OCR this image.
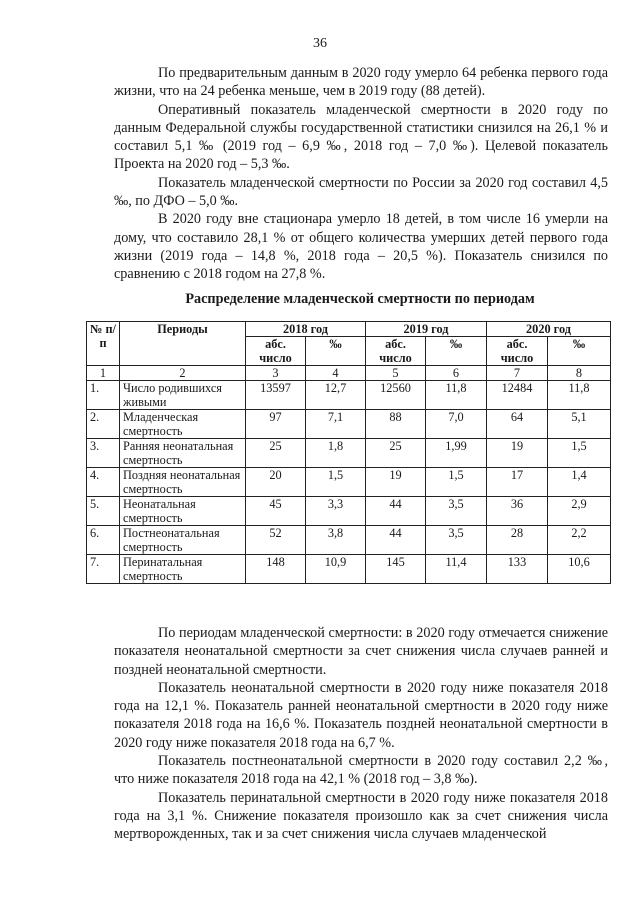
36

По предварительным данным в 2020 году умерло 64 ребенка первого года жизни, что на 24 ребенка меньше, чем в 2019 году (88 детей).

Оперативный показатель младенческой смертности в 2020 году по данным Федеральной службы государственной статистики снизился на 26,1 % и составил 5,1 ‰ (2019 год – 6,9 ‰, 2018 год – 7,0 ‰). Целевой показатель Проекта на 2020 год – 5,3 ‰.

Показатель младенческой смертности по России за 2020 год составил 4,5 ‰, по ДФО – 5,0 ‰.

В 2020 году вне стационара умерло 18 детей, в том числе 16 умерли на дому, что составило 28,1 % от общего количества умерших детей первого года жизни (2019 года – 14,8 %, 2018 года – 20,5 %). Показатель снизился по сравнению с 2018 годом на 27,8 %.

Распределение младенческой смертности по периодам
№ п/п	Периоды	2018 год		2019 год		2020 год	
		абс. число	‰	абс. число	‰	абс. число	‰
1	2	3	4	5	6	7	8
1.	Число родившихся живыми	13597	12,7	12560	11,8	12484	11,8
2.	Младенческая смертность	97	7,1	88	7,0	64	5,1
3.	Ранняя неонатальная смертность	25	1,8	25	1,99	19	1,5
4.	Поздняя неонатальная смертность	20	1,5	19	1,5	17	1,4
5.	Неонатальная смертность	45	3,3	44	3,5	36	2,9
6.	Постнеонатальная смертность	52	3,8	44	3,5	28	2,2
7.	Перинатальная смертность	148	10,9	145	11,4	133	10,6

По периодам младенческой смертности: в 2020 году отмечается снижение показателя неонатальной смертности за счет снижения числа случаев ранней и поздней неонатальной смертности.

Показатель неонатальной смертности в 2020 году ниже показателя 2018 года на 12,1 %. Показатель ранней неонатальной смертности в 2020 году ниже показателя 2018 года на 16,6 %. Показатель поздней неонатальной смертности в 2020 году ниже показателя 2018 года на 6,7 %.

Показатель постнеонатальной смертности в 2020 году составил 2,2 ‰, что ниже показателя 2018 года на 42,1 % (2018 год – 3,8 ‰).

Показатель перинатальной смертности в 2020 году ниже показателя 2018 года на 3,1 %. Снижение показателя произошло как за счет снижения числа мертворожденных, так и за счет снижения числа случаев младенческой
